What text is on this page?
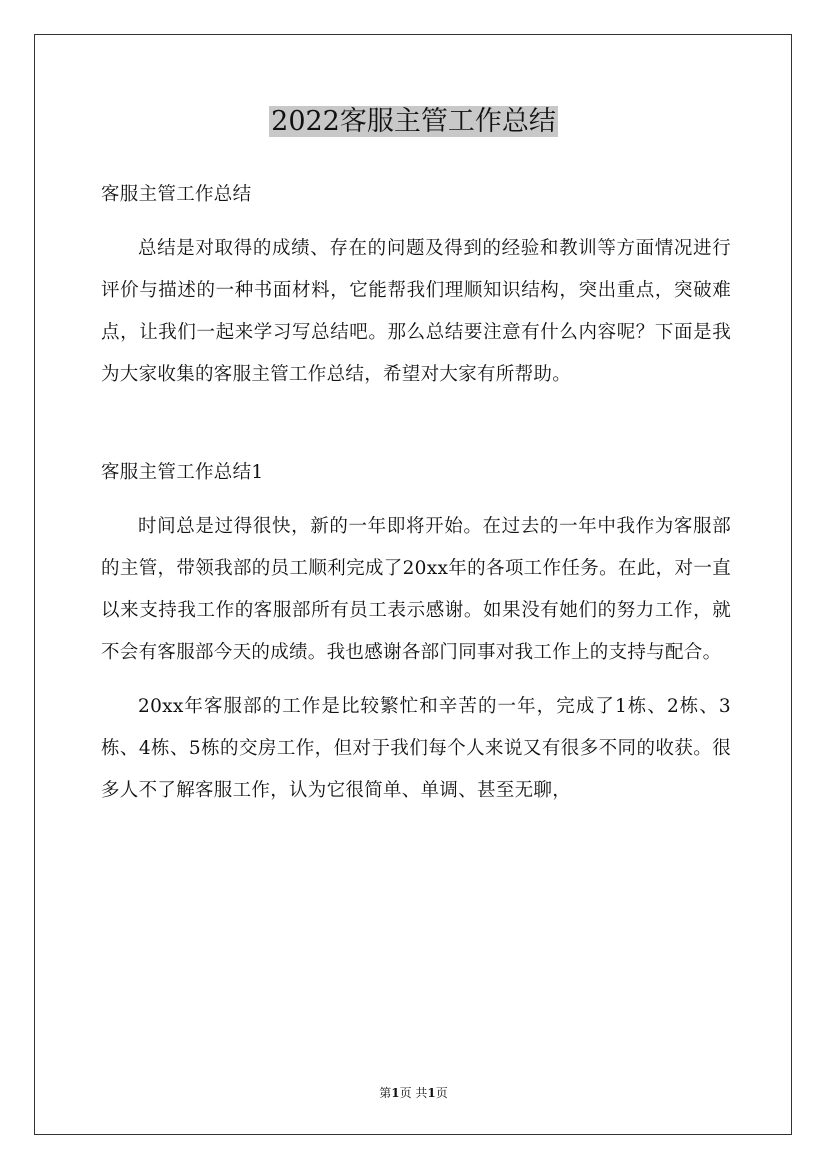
2022客服主管工作总结

客服主管工作总结

总结是对取得的成绩、存在的问题及得到的经验和教训等方面情况进行评价与描述的一种书面材料，它能帮我们理顺知识结构，突出重点，突破难点，让我们一起来学习写总结吧。那么总结要注意有什么内容呢？下面是我为大家收集的客服主管工作总结，希望对大家有所帮助。

客服主管工作总结1

时间总是过得很快，新的一年即将开始。在过去的一年中我作为客服部的主管，带领我部的员工顺利完成了20xx年的各项工作任务。在此，对一直以来支持我工作的客服部所有员工表示感谢。如果没有她们的努力工作，就不会有客服部今天的成绩。我也感谢各部门同事对我工作上的支持与配合。

20xx年客服部的工作是比较繁忙和辛苦的一年，完成了1栋、2栋、3栋、4栋、5栋的交房工作，但对于我们每个人来说又有很多不同的收获。很多人不了解客服工作，认为它很简单、单调、甚至无聊，

第1页 共1页
